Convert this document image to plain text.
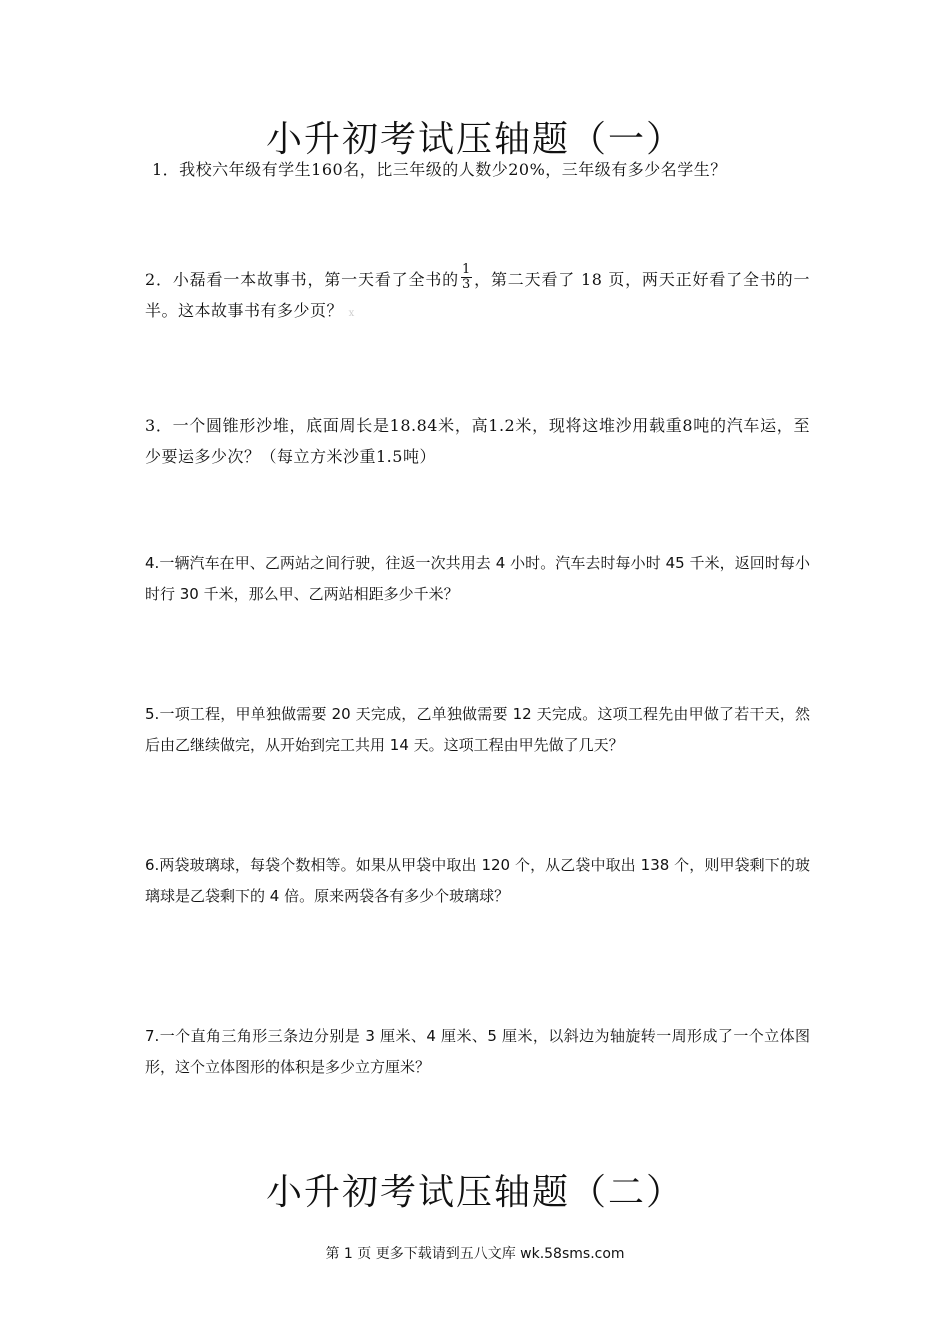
小升初考试压轴题（一）
1．我校六年级有学生160名，比三年级的人数少20%，三年级有多少名学生？
2．小磊看一本故事书，第一天看了全书的 $\frac{1}{3}$ ，第二天看了 18 页，两天正好看了全书的一半。这本故事书有多少页？ x
3．一个圆锥形沙堆，底面周长是18.84米，高1.2米，现将这堆沙用载重8吨的汽车运，至少要运多少次？（每立方米沙重1.5吨）
4.一辆汽车在甲、乙两站之间行驶，往返一次共用去 4 小时。汽车去时每小时 45 千米，返回时每小时行 30 千米，那么甲、乙两站相距多少千米？
5.一项工程，甲单独做需要 20 天完成，乙单独做需要 12 天完成。这项工程先由甲做了若干天，然后由乙继续做完，从开始到完工共用 14 天。这项工程由甲先做了几天？
6.两袋玻璃球，每袋个数相等。如果从甲袋中取出 120 个，从乙袋中取出 138 个，则甲袋剩下的玻璃球是乙袋剩下的 4 倍。原来两袋各有多少个玻璃球？
7.一个直角三角形三条边分别是 3 厘米、4 厘米、5 厘米，以斜边为轴旋转一周形成了一个立体图形，这个立体图形的体积是多少立方厘米？
小升初考试压轴题（二）
第 1 页 更多下载请到五八文库 wk.58sms.com
